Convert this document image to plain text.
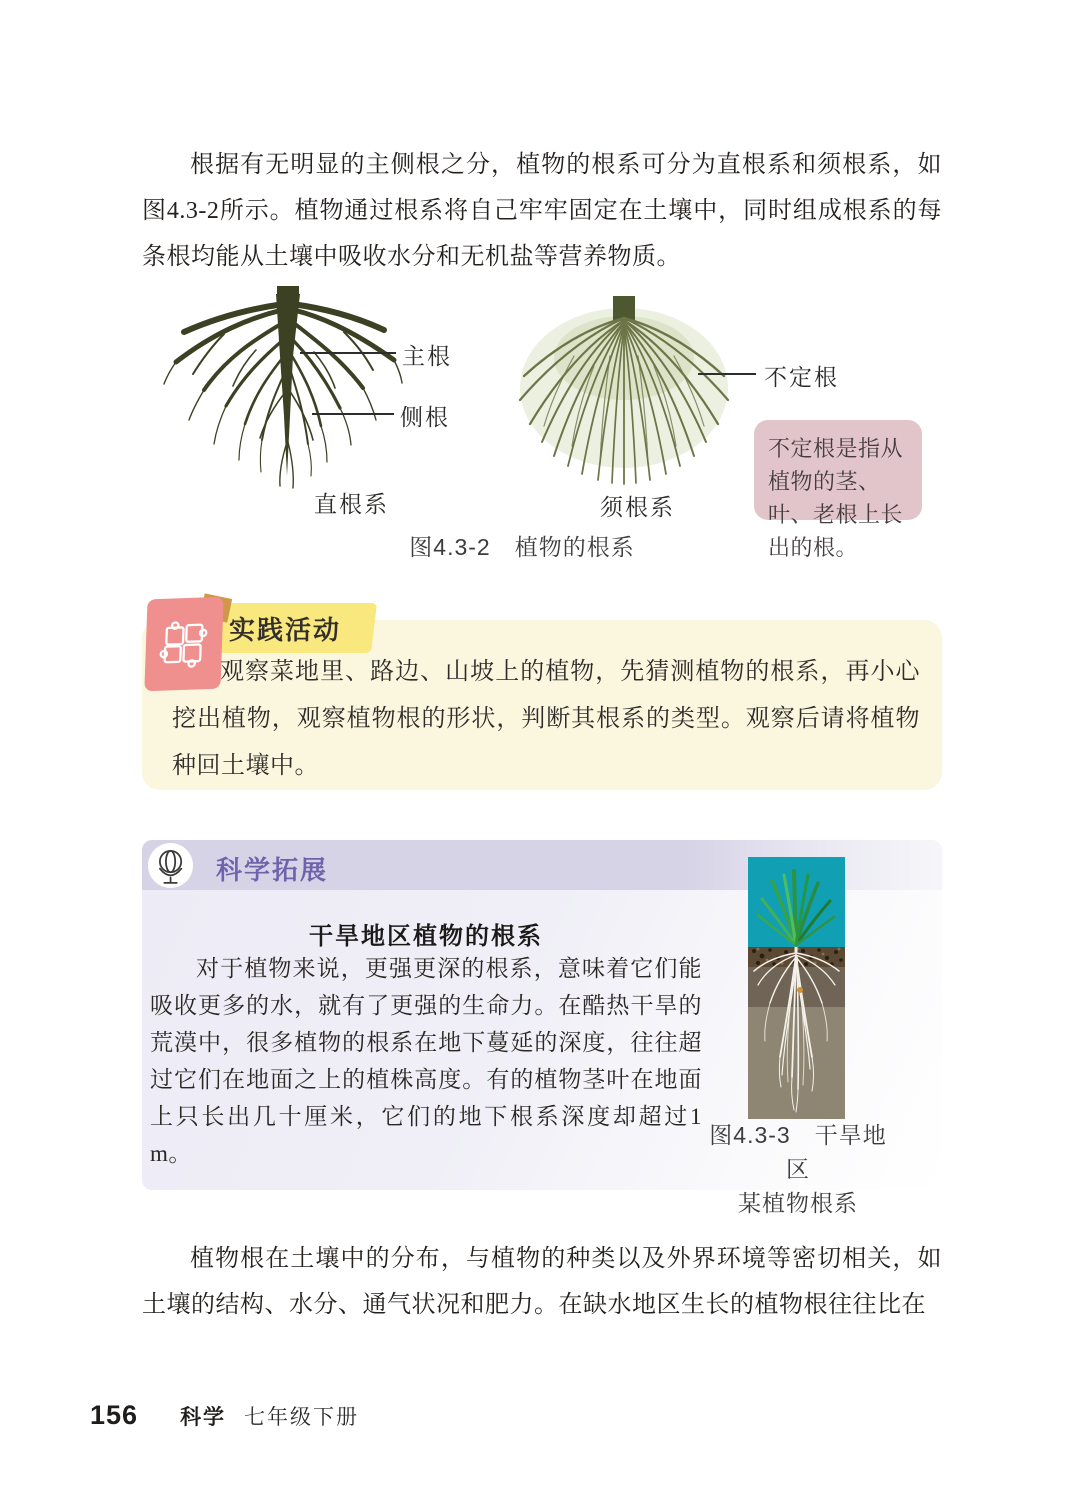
根据有无明显的主侧根之分，植物的根系可分为直根系和须根系，如图4.3-2所示。植物通过根系将自己牢牢固定在土壤中，同时组成根系的每条根均能从土壤中吸收水分和无机盐等营养物质。
主根
侧根
直根系
不定根
须根系
不定根是指从植物的茎、叶、老根上长出的根。
图4.3-2　植物的根系
实践活动
观察菜地里、路边、山坡上的植物，先猜测植物的根系，再小心挖出植物，观察植物根的形状，判断其根系的类型。观察后请将植物种回土壤中。
科学拓展
干旱地区植物的根系
对于植物来说，更强更深的根系，意味着它们能吸收更多的水，就有了更强的生命力。在酷热干旱的荒漠中，很多植物的根系在地下蔓延的深度，往往超过它们在地面之上的植株高度。有的植物茎叶在地面上只长出几十厘米，它们的地下根系深度却超过1 m。
图4.3-3　干旱地区
某植物根系
植物根在土壤中的分布，与植物的种类以及外界环境等密切相关，如土壤的结构、水分、通气状况和肥力。在缺水地区生长的植物根往往比在
156 科学 七年级下册
